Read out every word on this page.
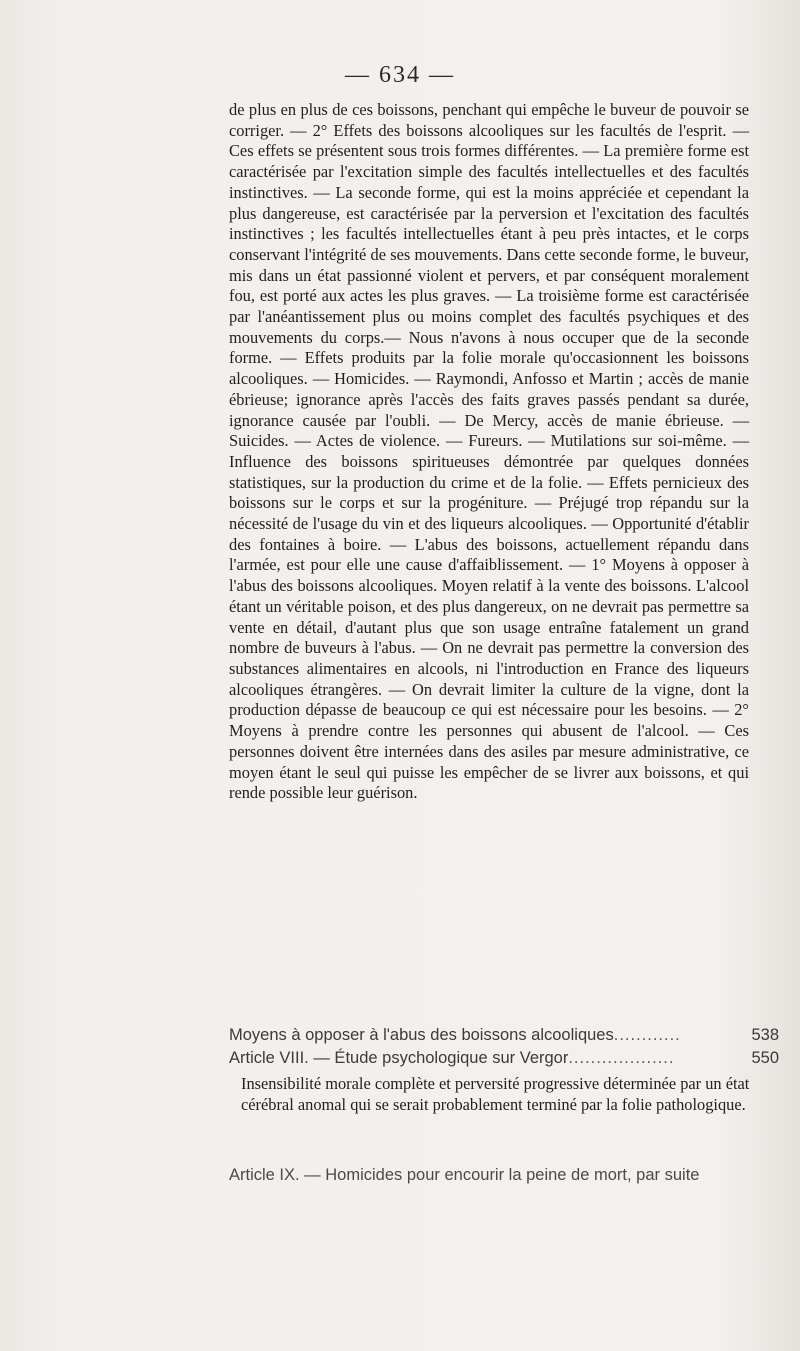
— 634 —

de plus en plus de ces boissons, penchant qui empêche le buveur de pouvoir se corriger. — 2° Effets des boissons alcooliques sur les facultés de l'esprit. — Ces effets se présentent sous trois formes différentes. — La première forme est caractérisée par l'excitation simple des facultés intellectuelles et des facultés instinctives. — La seconde forme, qui est la moins appréciée et cependant la plus dangereuse, est caractérisée par la perversion et l'excitation des facultés instinctives ; les facultés intellectuelles étant à peu près intactes, et le corps conservant l'intégrité de ses mouvements. Dans cette seconde forme, le buveur, mis dans un état passionné violent et pervers, et par conséquent moralement fou, est porté aux actes les plus graves. — La troisième forme est caractérisée par l'anéantissement plus ou moins complet des facultés psychiques et des mouvements du corps.— Nous n'avons à nous occuper que de la seconde forme. — Effets produits par la folie morale qu'occasionnent les boissons alcooliques. — Homicides. — Raymondi, Anfosso et Martin ; accès de manie ébrieuse; ignorance après l'accès des faits graves passés pendant sa durée, ignorance causée par l'oubli. — De Mercy, accès de manie ébrieuse. — Suicides. — Actes de violence. — Fureurs. — Mutilations sur soi-même. — Influence des boissons spiritueuses démontrée par quelques données statistiques, sur la production du crime et de la folie. — Effets pernicieux des boissons sur le corps et sur la progéniture. — Préjugé trop répandu sur la nécessité de l'usage du vin et des liqueurs alcooliques. — Opportunité d'établir des fontaines à boire. — L'abus des boissons, actuellement répandu dans l'armée, est pour elle une cause d'affaiblissement. — 1° Moyens à opposer à l'abus des boissons alcooliques. Moyen relatif à la vente des boissons. L'alcool étant un véritable poison, et des plus dangereux, on ne devrait pas permettre sa vente en détail, d'autant plus que son usage entraîne fatalement un grand nombre de buveurs à l'abus. — On ne devrait pas permettre la conversion des substances alimentaires en alcools, ni l'introduction en France des liqueurs alcooliques étrangères. — On devrait limiter la culture de la vigne, dont la production dépasse de beaucoup ce qui est nécessaire pour les besoins. — 2° Moyens à prendre contre les personnes qui abusent de l'alcool. — Ces personnes doivent être internées dans des asiles par mesure administrative, ce moyen étant le seul qui puisse les empêcher de se livrer aux boissons, et qui rende possible leur guérison.

Moyens à opposer à l'abus des boissons alcooliques ............	538
Article VIII. — Étude psychologique sur Vergor ...................	550
Insensibilité morale complète et perversité progressive déterminée par un état cérébral anomal qui se serait probablement terminé par la folie pathologique.
Article IX. — Homicides pour encourir la peine de mort, par suite
